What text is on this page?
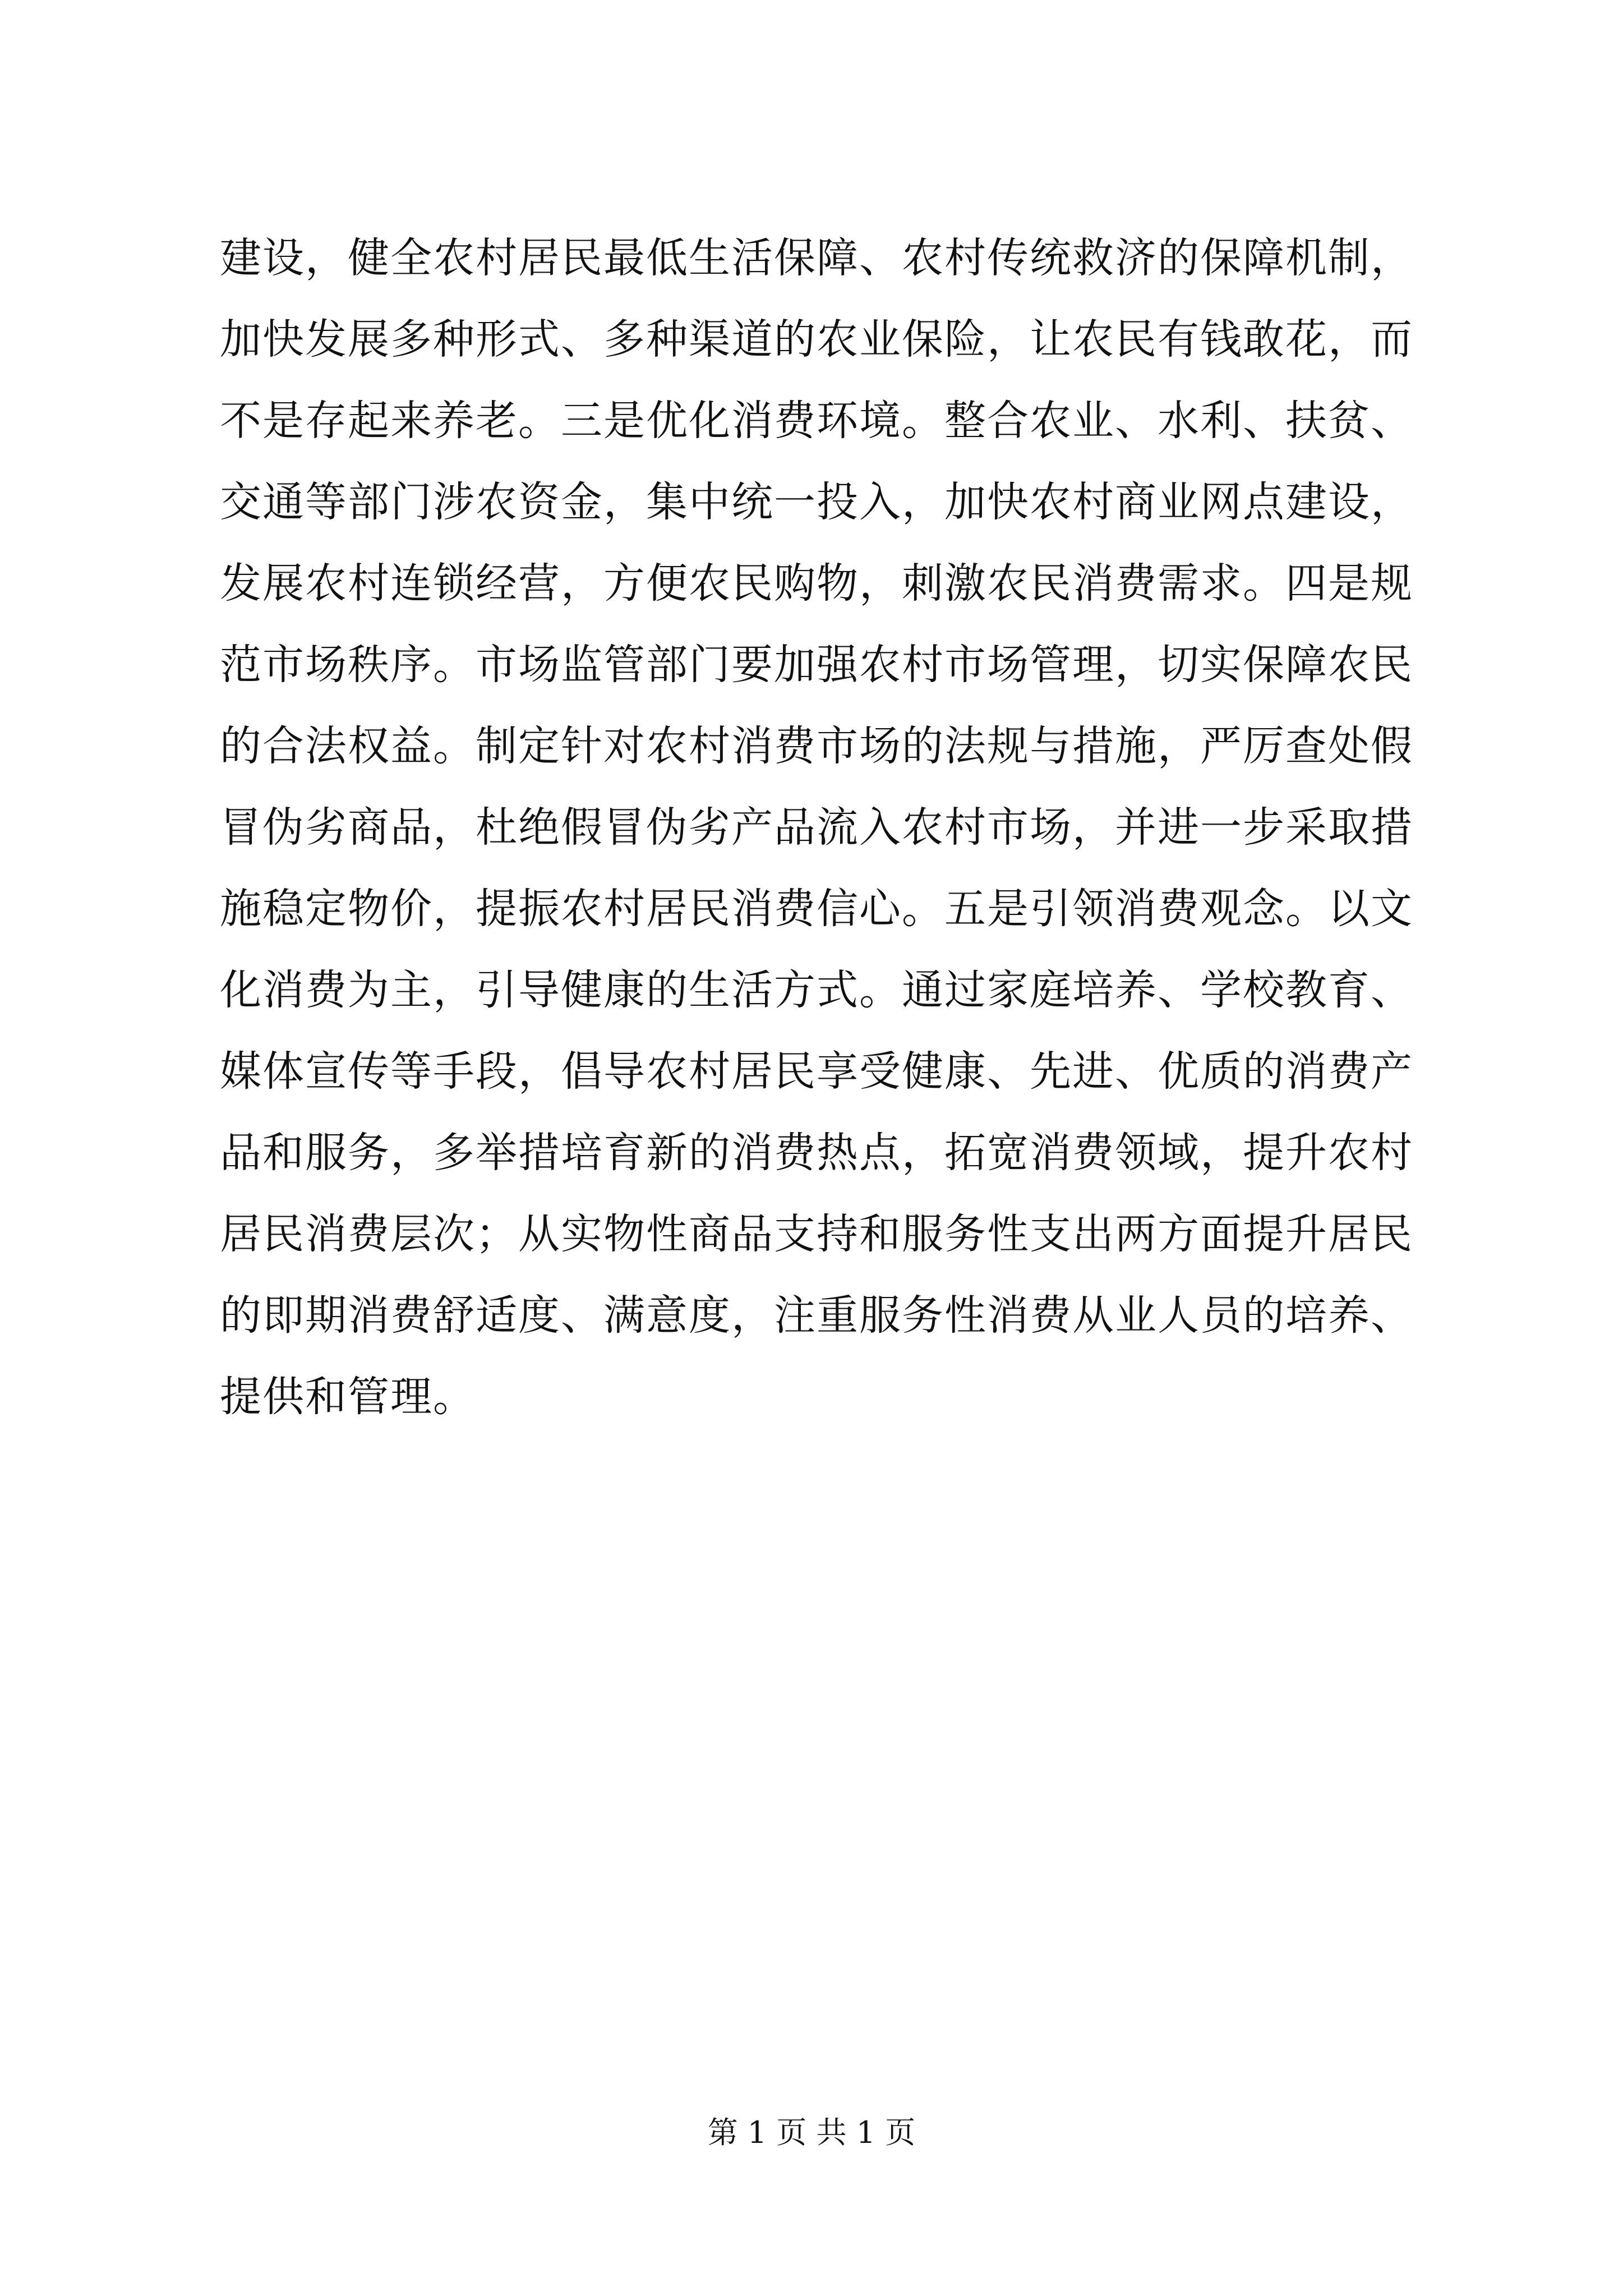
建设，健全农村居民最低生活保障、农村传统救济的保障机制，
加快发展多种形式、多种渠道的农业保险，让农民有钱敢花，而
不是存起来养老。三是优化消费环境。整合农业、水利、扶贫、
交通等部门涉农资金，集中统一投入，加快农村商业网点建设，
发展农村连锁经营，方便农民购物，刺激农民消费需求。四是规
范市场秩序。市场监管部门要加强农村市场管理，切实保障农民
的合法权益。制定针对农村消费市场的法规与措施，严厉查处假
冒伪劣商品，杜绝假冒伪劣产品流入农村市场，并进一步采取措
施稳定物价，提振农村居民消费信心。五是引领消费观念。以文
化消费为主，引导健康的生活方式。通过家庭培养、学校教育、
媒体宣传等手段，倡导农村居民享受健康、先进、优质的消费产
品和服务，多举措培育新的消费热点，拓宽消费领域，提升农村
居民消费层次；从实物性商品支持和服务性支出两方面提升居民
的即期消费舒适度、满意度，注重服务性消费从业人员的培养、
提供和管理。
第 1 页 共 1 页
